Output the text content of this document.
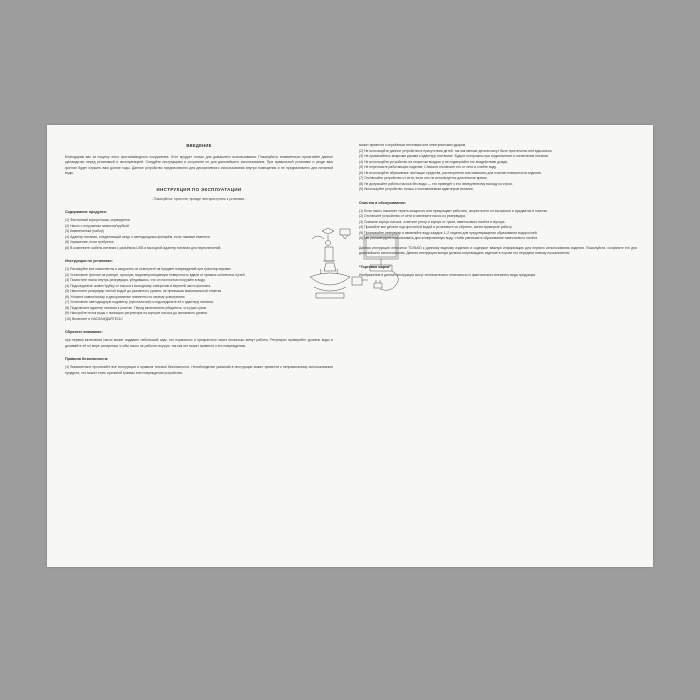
ВВЕДЕНИЕ
Благодарим вас за покупку этого фонтана/водного сооружения. Этот продукт только для домашнего использования. Пожалуйста, внимательно прочитайте данное руководство перед установкой и эксплуатацией. Следуйте инструкциям и сохраните их для дальнейшего использования. При правильной установке и уходе ваш фонтан будет служить вам долгие годы. Данное устройство предназначено для декоративного использования внутри помещения и не предназначено для питьевой воды.
ИНСТРУКЦИЯ ПО ЭКСПЛУАТАЦИИ
- Пожалуйста, прочтите, прежде чем приступить к установке -
Содержание продукта:

(1) Фонтанный корпус/чаша, сервируется

(2) Насос с погружным шлангом/трубкой

(3) Камни/галька (набор)

(4) Адаптер питания, соединяющий шнур с светодиодным фонарём, если таковые имеются

(5) Украшение, если требуется

(6) В комплекте: кабель питания с разъёмом USB и выходной адаптер питания для переключений

Инструкция по установке:

(1) Распакуйте все компоненты и аккуратно их осмотрите на предмет повреждений при транспортировке.

(2) Установите фонтан на ровную, прочную, водонепроницаемую поверхность вдали от прямых солнечных лучей.

(3) Поместите насос внутрь резервуара, убедившись, что он полностью погружён в воду.

(4) Подсоедините шланг/трубку от насоса к выходному отверстию в верхней части фонтана.

(5) Наполните резервуар чистой водой до указанного уровня, не превышая максимальной отметки.

(6) Уложите камни/гальку и декоративные элементы по своему усмотрению.

(7) Установите светодиодную подсветку (при наличии) и подсоедините её к адаптеру питания.

(8) Подключите адаптер питания к розетке. Перед включением убедитесь, что руки сухие.

(9) Настройте поток воды с помощью регулятора на корпусе насоса до желаемого уровня.

(10) Включите и НАСЛАЖДАЙТЕСЬ!

Обратите внимание:
при первом включении насос может издавать небольшой шум, это нормально и прекратится через несколько минут работы. Регулярно проверяйте уровень воды и доливайте её по мере испарения, чтобы насос не работал всухую, так как это может привести к его повреждению.
Правила безопасности:
(1) Внимательно прочитайте все инструкции и правила техники безопасности. Несоблюдение указаний в инструкции может привести к неправильному использованию продукта, что может стать причиной травмы или повреждения устройства.

может привести к серьёзным тепловым или электрическим ударам.

(2) Не используйте данное устройство в присутствии детей, так как мелкие детали могут быть проглочены или вдыхаться.

(3) Не прикасайтесь мокрыми руками к адаптеру или вилке. Будьте осторожны при подключении и отключении питания.

(4) Не используйте устройство на открытом воздухе и не подвергайте его воздействию дождя.

(5) Не переносите работающее изделие. Сначала отключите его от сети и слейте воду.

(6) Не используйте абразивные чистящие средства, растворители или химикаты для очистки поверхности изделия.

(7) Отключайте устройство от сети, если оно не используется длительное время.

(8) Не допускайте работы насоса без воды — это приведёт к его немедленному выходу из строя.

(9) Используйте устройство только с поставляемым адаптером питания.

Очистка и обслуживание:

(1) Если насос начинает терять мощность или прекращает работать, скорее всего он засорился и нуждается в очистке.

(2) Отключите устройство от сети и извлеките насос из резервуара.

(3) Снимите корпус насоса, очистите ротор и корпус от грязи, известкового налёта и мусора.

(4) Промойте все детали под проточной водой и установите их обратно, затем проверьте работу.

(5) Промывайте резервуар и заменяйте воду каждые 1–2 недели для предотвращения образования водорослей.

(6) Мы рекомендуем использовать дистиллированную воду, чтобы уменьшить образование известкового налёта.

Данная инструкция относится ТОЛЬКО к данному водному изделию и содержит важную информацию для первого использования изделия. Пожалуйста, сохраните его для дальнейшего использования. Данная инструкция всегда должна сопровождать изделие в случае его передачи новому пользователю.
*Торговая марка*
Изображения в данной инструкции могут незначительно отличаться от фактического внешнего вида продукции.
